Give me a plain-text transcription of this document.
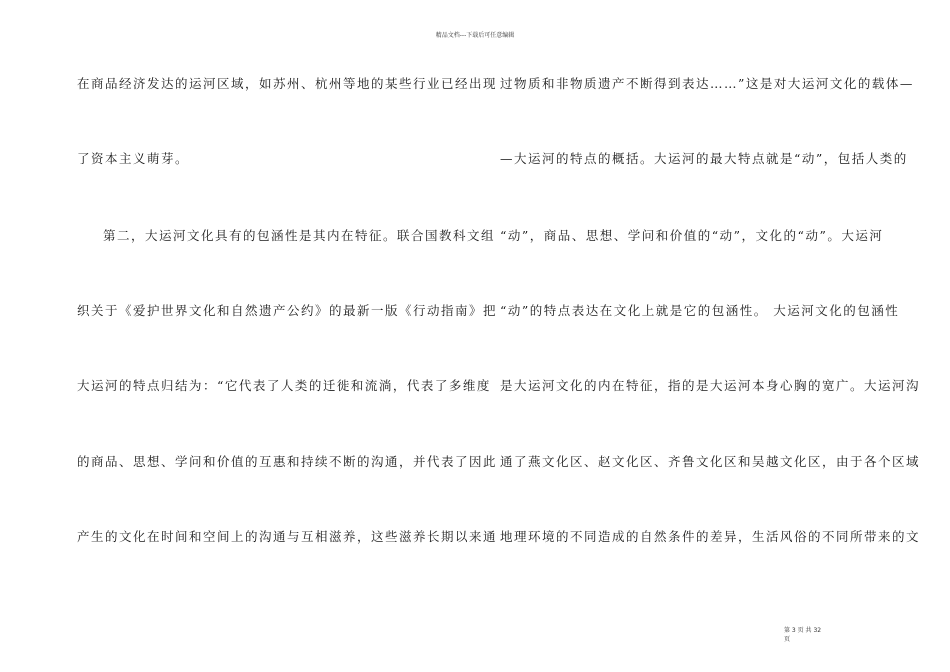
精品文档---下载后可任意编辑
在商品经济发达的运河区域，如苏州、杭州等地的某些行业已经出现
了资本主义萌芽。
第二，大运河文化具有的包涵性是其内在特征。联合国教科文组
织关于《爱护世界文化和自然遗产公约》的最新一版《行动指南》把
大运河的特点归结为：“它代表了人类的迁徙和流淌，代表了多维度
的商品、思想、学问和价值的互惠和持续不断的沟通，并代表了因此
产生的文化在时间和空间上的沟通与互相滋养，这些滋养长期以来通
过物质和非物质遗产不断得到表达……”这是对大运河文化的载体—
—大运河的特点的概括。大运河的最大特点就是“动”，包括人类的
“动”，商品、思想、学问和价值的“动”，文化的“动”。大运河
“动”的特点表达在文化上就是它的包涵性。 大运河文化的包涵性
是大运河文化的内在特征，指的是大运河本身心胸的宽广。大运河沟
通了燕文化区、赵文化区、齐鲁文化区和吴越文化区，由于各个区域
地理环境的不同造成的自然条件的差异，生活风俗的不同所带来的文
第 3 页 共 32
页
